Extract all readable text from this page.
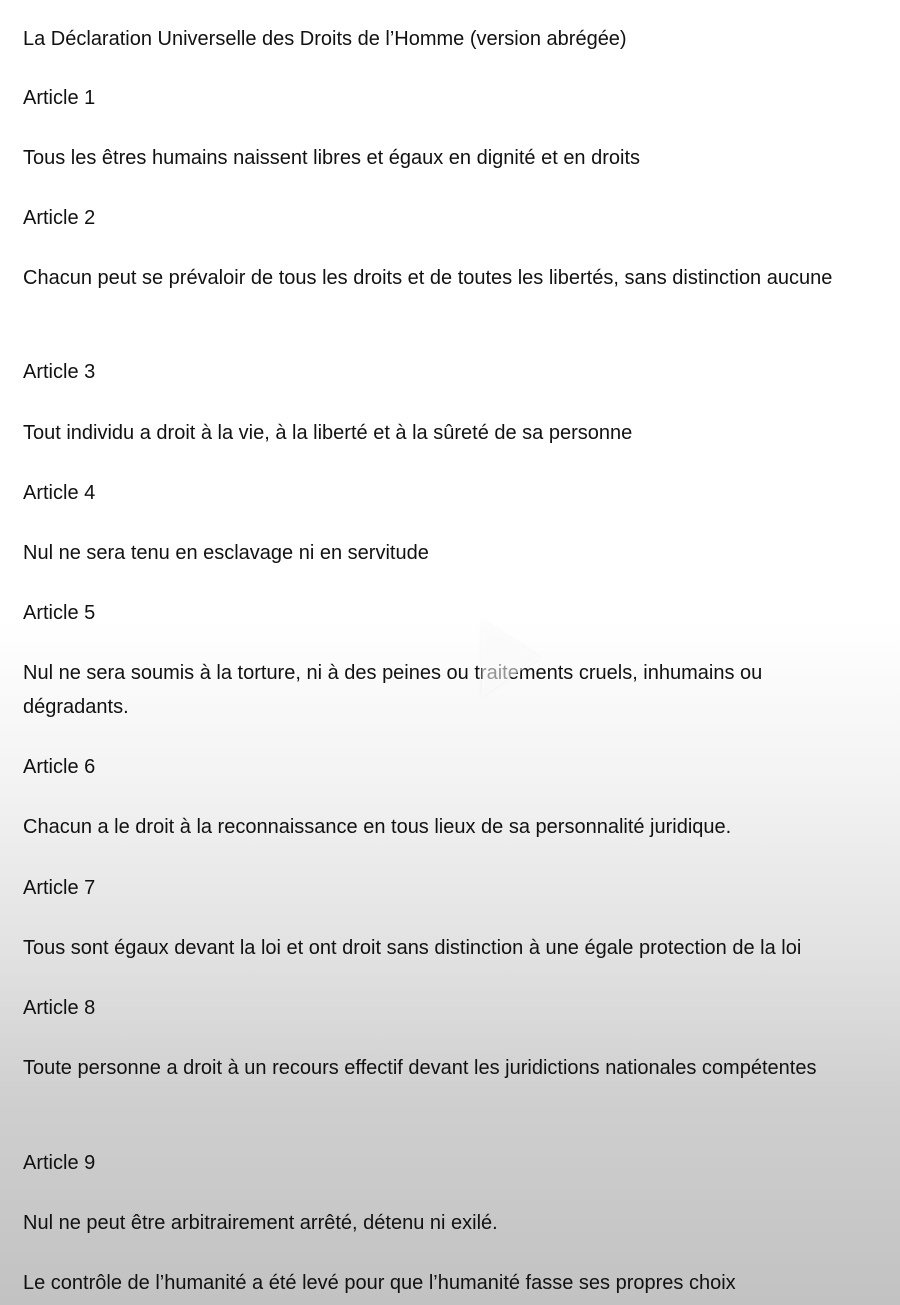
La Déclaration Universelle des Droits de l’Homme (version abrégée)
Article 1
Tous les êtres humains naissent libres et égaux en dignité et en droits
Article 2
Chacun peut se prévaloir de tous les droits et de toutes les libertés, sans distinction aucune
Article 3
Tout individu a droit à la vie, à la liberté et à la sûreté de sa personne
Article 4
Nul ne sera tenu en esclavage ni en servitude
Article 5
Nul ne sera soumis à la torture, ni à des peines ou traitements cruels, inhumains ou dégradants.
Article 6
Chacun a le droit à la reconnaissance en tous lieux de sa personnalité juridique.
Article 7
Tous sont égaux devant la loi et ont droit sans distinction à une égale protection de la loi
Article 8
Toute personne a droit à un recours effectif devant les juridictions nationales compétentes
Article 9
Nul ne peut être arbitrairement arrêté, détenu ni exilé.
Le contrôle de l’humanité a été levé pour que l’humanité fasse ses propres choix
